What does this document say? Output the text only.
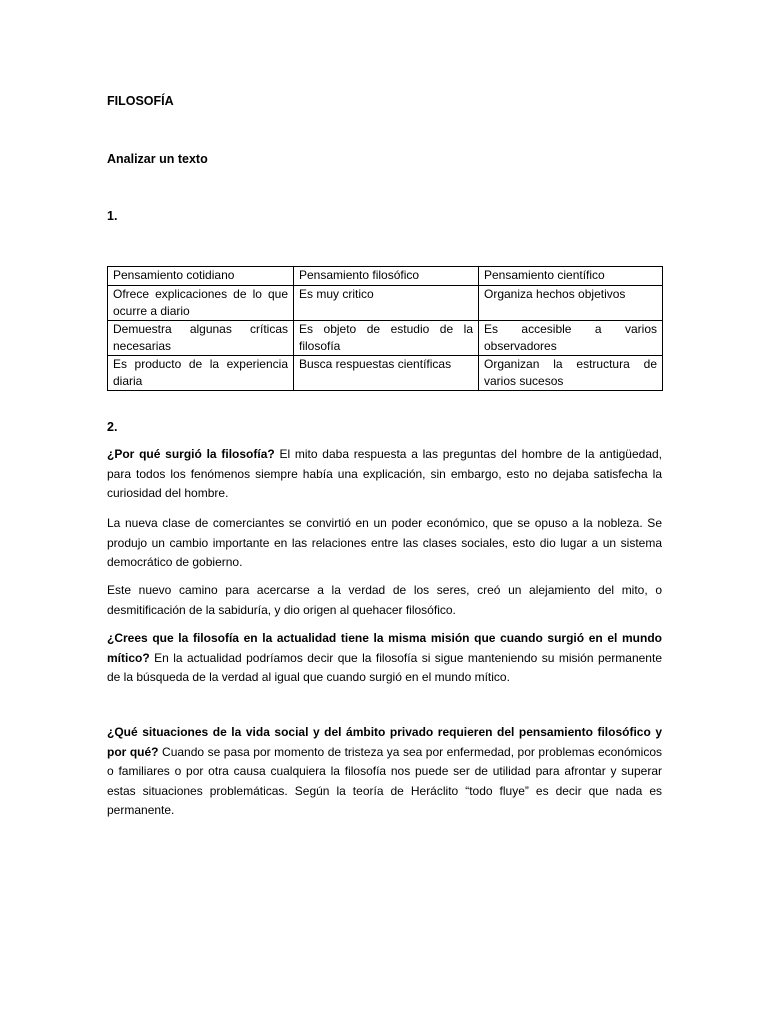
FILOSOFÍA
Analizar un texto
1.
Pensamiento cotidiano	Pensamiento filosófico	Pensamiento científico
Ofrece explicaciones de lo que ocurre a diario	Es muy critico	Organiza hechos objetivos
Demuestra algunas críticas necesarias	Es objeto de estudio de la filosofía	Es accesible a varios observadores
Es producto de la experiencia diaria	Busca respuestas científicas	Organizan la estructura de varios sucesos
2.

¿Por qué surgió la filosofía? El mito daba respuesta a las preguntas del hombre de la antigüedad, para todos los fenómenos siempre había una explicación, sin embargo, esto no dejaba satisfecha la curiosidad del hombre.

La nueva clase de comerciantes se convirtió en un poder económico, que se opuso a la nobleza. Se produjo un cambio importante en las relaciones entre las clases sociales, esto dio lugar a un sistema democrático de gobierno.

Este nuevo camino para acercarse a la verdad de los seres, creó un alejamiento del mito, o desmitificación de la sabiduría, y dio origen al quehacer filosófico.

¿Crees que la filosofía en la actualidad tiene la misma misión que cuando surgió en el mundo mítico? En la actualidad podríamos decir que la filosofía si sigue manteniendo su misión permanente de la búsqueda de la verdad al igual que cuando surgió en el mundo mítico.

¿Qué situaciones de la vida social y del ámbito privado requieren del pensamiento filosófico y por qué? Cuando se pasa por momento de tristeza ya sea por enfermedad, por problemas económicos o familiares o por otra causa cualquiera la filosofía nos puede ser de utilidad para afrontar y superar estas situaciones problemáticas. Según la teoría de Heráclito “todo fluye” es decir que nada es permanente.
